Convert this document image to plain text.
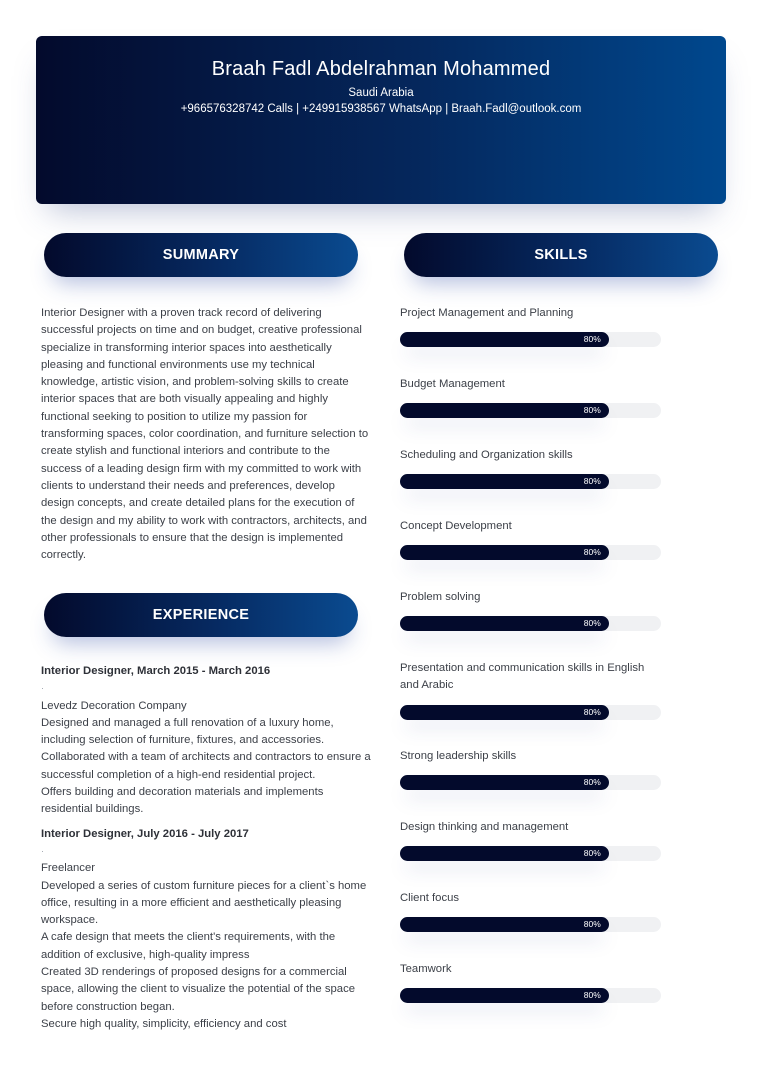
Braah Fadl Abdelrahman Mohammed
Saudi Arabia
+966576328742 Calls | +249915938567 WhatsApp | Braah.Fadl@outlook.com
SUMMARY	SKILLS
Interior Designer with a proven track record of delivering successful projects on time and on budget, creative professional specialize in transforming interior spaces into aesthetically pleasing and functional environments use my technical knowledge, artistic vision, and problem-solving skills to create interior spaces that are both visually appealing and highly functional seeking to position to utilize my passion for transforming spaces, color coordination, and furniture selection to create stylish and functional interiors and contribute to the success of a leading design firm with my committed to work with clients to understand their needs and preferences, develop design concepts, and create detailed plans for the execution of the design and my ability to work with contractors, architects, and other professionals to ensure that the design is implemented correctly.
EXPERIENCE
Interior Designer, March 2015 - March 2016
·
Levedz Decoration Company
Designed and managed a full renovation of a luxury home, including selection of furniture, fixtures, and accessories.
Collaborated with a team of architects and contractors to ensure a successful completion of a high-end residential project.
Offers building and decoration materials and implements residential buildings.
Interior Designer, July 2016 - July 2017
·
Freelancer
Developed a series of custom furniture pieces for a client`s home office, resulting in a more efficient and aesthetically pleasing workspace.
A cafe design that meets the client's requirements, with the addition of exclusive, high-quality impress
Created 3D renderings of proposed designs for a commercial space, allowing the client to visualize the potential of the space before construction began.
Secure high quality, simplicity, efficiency and cost
Project Management and Planning
80%
Budget Management
80%
Scheduling and Organization skills
80%
Concept Development
80%
Problem solving
80%
Presentation and communication skills in English and Arabic
80%
Strong leadership skills
80%
Design thinking and management
80%
Client focus
80%
Teamwork
80%
